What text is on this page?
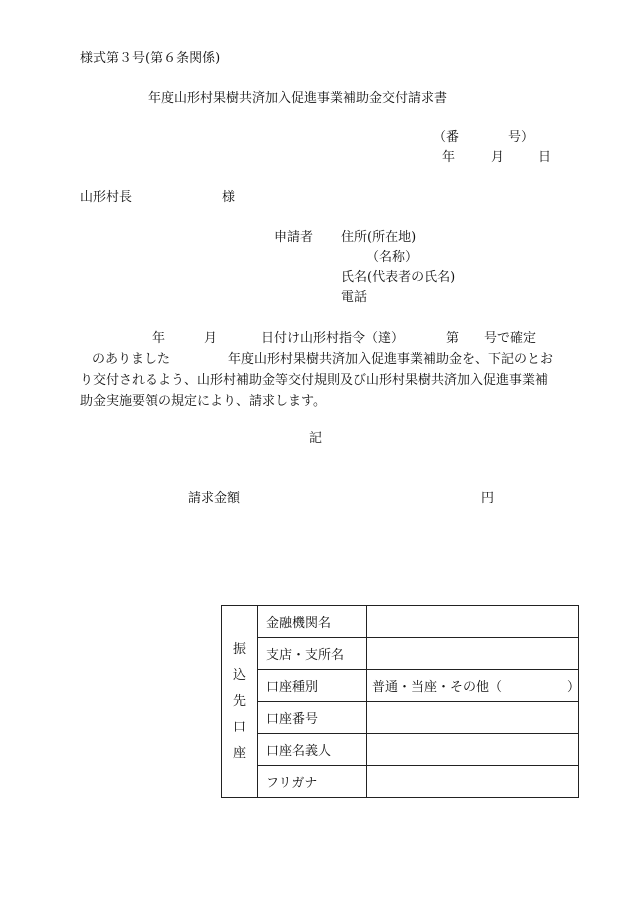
様式第３号(第６条関係)
年度山形村果樹共済加入促進事業補助金交付請求書
（番	号）
年	月	日
山形村長	様
申請者 住所(所在地)
（名称）
氏名(代表者の氏名)
電話
年	月	日付け山形村指令（達）	第 号で確定
のありました	年度山形村果樹共済加入促進事業補助金を、下記のとお
り交付されるよう、山形村補助金等交付規則及び山形村果樹共済加入促進事業補
助金実施要領の規定により、請求します。
記
請求金額	円
振
込
先
口
座	金融機関名	
	支店・支所名	
	口座種別	普通・当座・その他（　　　　　）
	口座番号	
	口座名義人	
	フリガナ	
